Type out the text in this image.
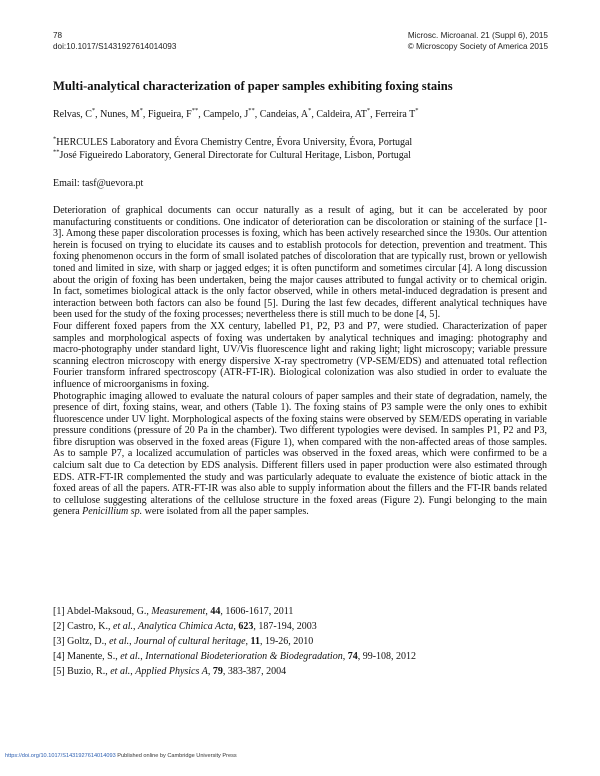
78
doi:10.1017/S1431927614014093
Microsc. Microanal. 21 (Suppl 6), 2015
© Microscopy Society of America 2015
Multi-analytical characterization of paper samples exhibiting foxing stains
Relvas, C*, Nunes, M*, Figueira, F**, Campelo, J**, Candeias, A*, Caldeira, AT*, Ferreira T*
*HERCULES Laboratory and Évora Chemistry Centre, Évora University, Évora, Portugal
**José Figueiredo Laboratory, General Directorate for Cultural Heritage, Lisbon, Portugal
Email: tasf@uevora.pt

Deterioration of graphical documents can occur naturally as a result of aging, but it can be accelerated by poor manufacturing constituents or conditions. One indicator of deterioration can be discoloration or staining of the surface [1-3]. Among these paper discoloration processes is foxing, which has been actively researched since the 1930s. Our attention herein is focused on trying to elucidate its causes and to establish protocols for detection, prevention and treatment. This foxing phenomenon occurs in the form of small isolated patches of discoloration that are typically rust, brown or yellowish toned and limited in size, with sharp or jagged edges; it is often punctiform and sometimes circular [4]. A long discussion about the origin of foxing has been undertaken, being the major causes attributed to fungal activity or to chemical origin. In fact, sometimes biological attack is the only factor observed, while in others metal-induced degradation is present and interaction between both factors can also be found [5]. During the last few decades, different analytical techniques have been used for the study of the foxing processes; nevertheless there is still much to be done [4, 5].

Four different foxed papers from the XX century, labelled P1, P2, P3 and P7, were studied. Characterization of paper samples and morphological aspects of foxing was undertaken by analytical techniques and imaging: photography and macro-photography under standard light, UV/Vis fluorescence light and raking light; light microscopy; variable pressure scanning electron microscopy with energy dispersive X-ray spectrometry (VP-SEM/EDS) and attenuated total reflection Fourier transform infrared spectroscopy (ATR-FT-IR). Biological colonization was also studied in order to evaluate the influence of microorganisms in foxing.

Photographic imaging allowed to evaluate the natural colours of paper samples and their state of degradation, namely, the presence of dirt, foxing stains, wear, and others (Table 1). The foxing stains of P3 sample were the only ones to exhibit fluorescence under UV light. Morphological aspects of the foxing stains were observed by SEM/EDS operating in variable pressure conditions (pressure of 20 Pa in the chamber). Two different typologies were devised. In samples P1, P2 and P3, fibre disruption was observed in the foxed areas (Figure 1), when compared with the non-affected areas of those samples. As to sample P7, a localized accumulation of particles was observed in the foxed areas, which were confirmed to be a calcium salt due to Ca detection by EDS analysis. Different fillers used in paper production were also estimated through EDS. ATR-FT-IR complemented the study and was particularly adequate to evaluate the existence of biotic attack in the foxed areas of all the papers. ATR-FT-IR was also able to supply information about the fillers and the FT-IR bands related to cellulose suggesting alterations of the cellulose structure in the foxed areas (Figure 2). Fungi belonging to the main genera Penicillium sp. were isolated from all the paper samples.

[1] Abdel-Maksoud, G., Measurement, 44, 1606-1617, 2011
[2] Castro, K., et al., Analytica Chimica Acta, 623, 187-194, 2003
[3] Goltz, D., et al., Journal of cultural heritage, 11, 19-26, 2010
[4] Manente, S., et al., International Biodeterioration & Biodegradation, 74, 99-108, 2012
[5] Buzio, R., et al., Applied Physics A, 79, 383-387, 2004
https://doi.org/10.1017/S1431927614014093 Published online by Cambridge University Press
